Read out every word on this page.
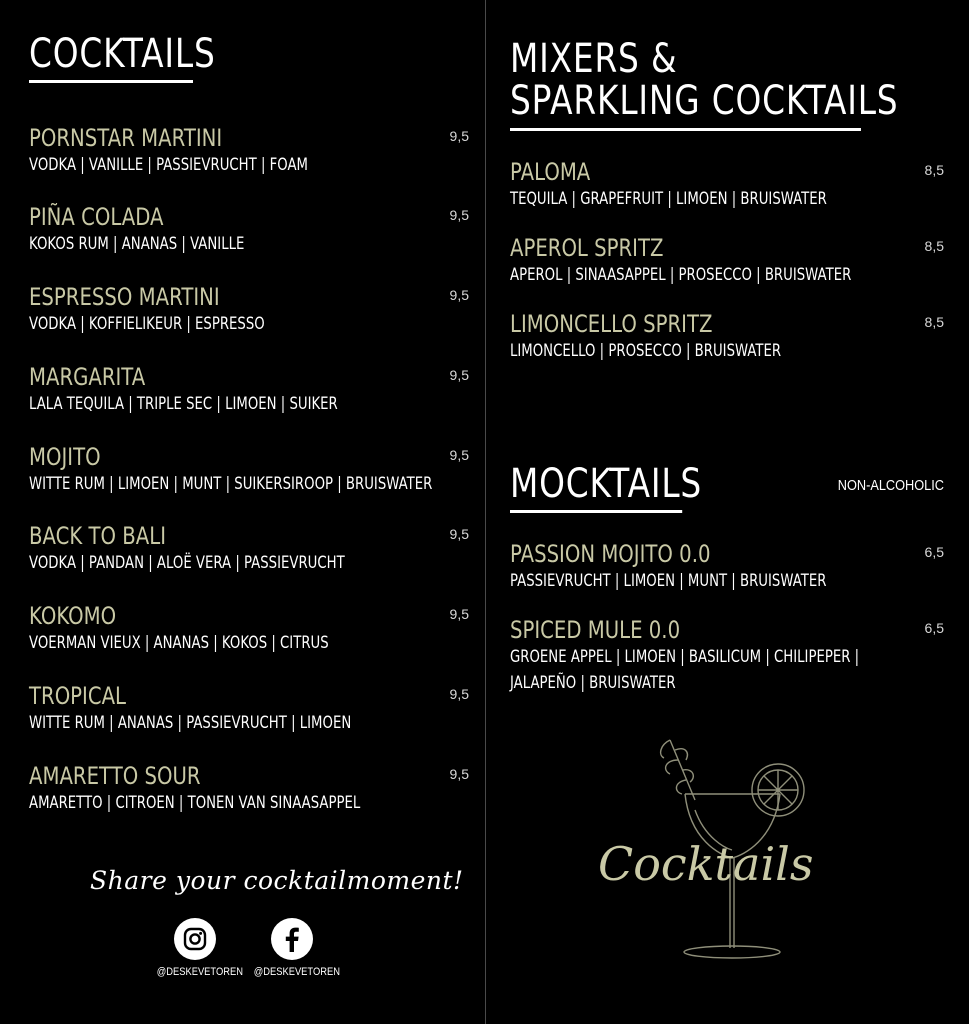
COCKTAILS
PORNSTAR MARTINI
VODKA | VANILLE | PASSIEVRUCHT | FOAM
9,5
PIÑA COLADA
KOKOS RUM | ANANAS | VANILLE
9,5
ESPRESSO MARTINI
VODKA | KOFFIELIKEUR | ESPRESSO
9,5
MARGARITA
LALA TEQUILA | TRIPLE SEC | LIMOEN | SUIKER
9,5
MOJITO
WITTE RUM | LIMOEN | MUNT | SUIKERSIROOP | BRUISWATER
9,5
BACK TO BALI
VODKA | PANDAN | ALOË VERA | PASSIEVRUCHT
9,5
KOKOMO
VOERMAN VIEUX | ANANAS | KOKOS | CITRUS
9,5
TROPICAL
WITTE RUM | ANANAS | PASSIEVRUCHT | LIMOEN
9,5
AMARETTO SOUR
AMARETTO | CITROEN | TONEN VAN SINAASAPPEL
9,5
Share your cocktailmoment!
@DESKEVETOREN @DESKEVETOREN
MIXERS &
SPARKLING COCKTAILS
PALOMA
TEQUILA | GRAPEFRUIT | LIMOEN | BRUISWATER
8,5
APEROL SPRITZ
APEROL | SINAASAPPEL | PROSECCO | BRUISWATER
8,5
LIMONCELLO SPRITZ
LIMONCELLO | PROSECCO | BRUISWATER
8,5
MOCKTAILS	NON-ALCOHOLIC
PASSION MOJITO 0.0
PASSIEVRUCHT | LIMOEN | MUNT | BRUISWATER
6,5
SPICED MULE 0.0
GROENE APPEL | LIMOEN | BASILICUM | CHILIPEPER | JALAPEÑO | BRUISWATER
6,5
Cocktails
